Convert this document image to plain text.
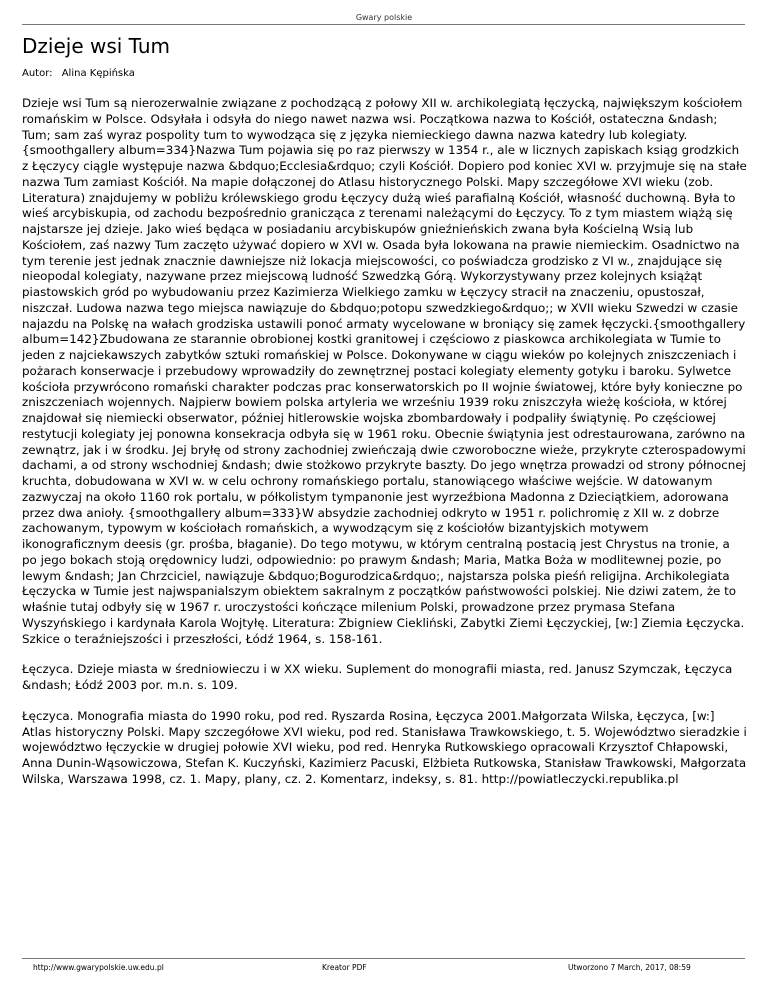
Gwary polskie
Dzieje wsi Tum
Autor: Alina Kępińska

Dzieje wsi Tum są nierozerwalnie związane z pochodzącą z połowy XII w. archikolegiatą łęczycką, największym kościołem romańskim w Polsce. Odsyłała i odsyła do niego nawet nazwa wsi. Początkowa nazwa to Kościół, ostateczna &ndash; Tum; sam zaś wyraz pospolity tum to wywodząca się z języka niemieckiego dawna nazwa katedry lub kolegiaty. {smoothgallery album=334}Nazwa Tum pojawia się po raz pierwszy w 1354 r., ale w licznych zapiskach ksiąg grodzkich z Łęczycy ciągle występuje nazwa &bdquo;Ecclesia&rdquo; czyli Kościół. Dopiero pod koniec XVI w. przyjmuje się na stałe nazwa Tum zamiast Kościół. Na mapie dołączonej do Atlasu historycznego Polski. Mapy szczegółowe XVI wieku (zob. Literatura) znajdujemy w pobliżu królewskiego grodu Łęczycy dużą wieś parafialną Kościół, własność duchowną. Była to wieś arcybiskupia, od zachodu bezpośrednio granicząca z terenami należącymi do Łęczycy. To z tym miastem wiążą się najstarsze jej dzieje. Jako wieś będąca w posiadaniu arcybiskupów gnieźnieńskich zwana była Kościelną Wsią lub Kościołem, zaś nazwy Tum zaczęto używać dopiero w XVI w. Osada była lokowana na prawie niemieckim. Osadnictwo na tym terenie jest jednak znacznie dawniejsze niż lokacja miejscowości, co poświadcza grodzisko z VI w., znajdujące się nieopodal kolegiaty, nazywane przez miejscową ludność Szwedzką Górą. Wykorzystywany przez kolejnych książąt piastowskich gród po wybudowaniu przez Kazimierza Wielkiego zamku w Łęczycy stracił na znaczeniu, opustoszał, niszczał. Ludowa nazwa tego miejsca nawiązuje do &bdquo;potopu szwedzkiego&rdquo;; w XVII wieku Szwedzi w czasie najazdu na Polskę na wałach grodziska ustawili ponoć armaty wycelowane w broniący się zamek łęczycki.{smoothgallery album=142}Zbudowana ze starannie obrobionej kostki granitowej i częściowo z piaskowca archikolegiata w Tumie to jeden z najciekawszych zabytków sztuki romańskiej w Polsce. Dokonywane w ciągu wieków po kolejnych zniszczeniach i pożarach konserwacje i przebudowy wprowadziły do zewnętrznej postaci kolegiaty elementy gotyku i baroku. Sylwetce kościoła przywrócono romański charakter podczas prac konserwatorskich po II wojnie światowej, które były konieczne po zniszczeniach wojennych. Najpierw bowiem polska artyleria we wrześniu 1939 roku zniszczyła wieżę kościoła, w której znajdował się niemiecki obserwator, później hitlerowskie wojska zbombardowały i podpaliły świątynię. Po częściowej restytucji kolegiaty jej ponowna konsekracja odbyła się w 1961 roku. Obecnie świątynia jest odrestaurowana, zarówno na zewnątrz, jak i w środku. Jej bryłę od strony zachodniej zwieńczają dwie czworoboczne wieże, przykryte czterospadowymi dachami, a od strony wschodniej &ndash; dwie stożkowo przykryte baszty. Do jego wnętrza prowadzi od strony północnej kruchta, dobudowana w XVI w. w celu ochrony romańskiego portalu, stanowiącego właściwe wejście. W datowanym zazwyczaj na około 1160 rok portalu, w półkolistym tympanonie jest wyrzeźbiona Madonna z Dzieciątkiem, adorowana przez dwa anioły. {smoothgallery album=333}W absydzie zachodniej odkryto w 1951 r. polichromię z XII w. z dobrze zachowanym, typowym w kościołach romańskich, a wywodzącym się z kościołów bizantyjskich motywem ikonograficznym deesis (gr. prośba, błaganie). Do tego motywu, w którym centralną postacią jest Chrystus na tronie, a po jego bokach stoją orędownicy ludzi, odpowiednio: po prawym &ndash; Maria, Matka Boża w modlitewnej pozie, po lewym &ndash; Jan Chrzciciel, nawiązuje &bdquo;Bogurodzica&rdquo;, najstarsza polska pieśń religijna. Archikolegiata Łęczycka w Tumie jest najwspanialszym obiektem sakralnym z początków państwowości polskiej. Nie dziwi zatem, że to właśnie tutaj odbyły się w 1967 r. uroczystości kończące milenium Polski, prowadzone przez prymasa Stefana Wyszyńskiego i kardynała Karola Wojtyłę. Literatura: Zbigniew Ciekliński, Zabytki Ziemi Łęczyckiej, [w:] Ziemia Łęczycka. Szkice o teraźniejszości i przeszłości, Łódź 1964, s. 158-161.

Łęczyca. Dzieje miasta w średniowieczu i w XX wieku. Suplement do monografii miasta, red. Janusz Szymczak, Łęczyca &ndash; Łódź 2003 por. m.n. s. 109.

Łęczyca. Monografia miasta do 1990 roku, pod red. Ryszarda Rosina, Łęczyca 2001.Małgorzata Wilska, Łęczyca, [w:] Atlas historyczny Polski. Mapy szczegółowe XVI wieku, pod red. Stanisława Trawkowskiego, t. 5. Województwo sieradzkie i województwo łęczyckie w drugiej połowie XVI wieku, pod red. Henryka Rutkowskiego opracowali Krzysztof Chłapowski, Anna Dunin-Wąsowiczowa, Stefan K. Kuczyński, Kazimierz Pacuski, Elżbieta Rutkowska, Stanisław Trawkowski, Małgorzata Wilska, Warszawa 1998, cz. 1. Mapy, plany, cz. 2. Komentarz, indeksy, s. 81. http://powiatleczycki.republika.pl

http://www.gwarypolskie.uw.edu.pl	Kreator PDF	Utworzono 7 March, 2017, 08:59
